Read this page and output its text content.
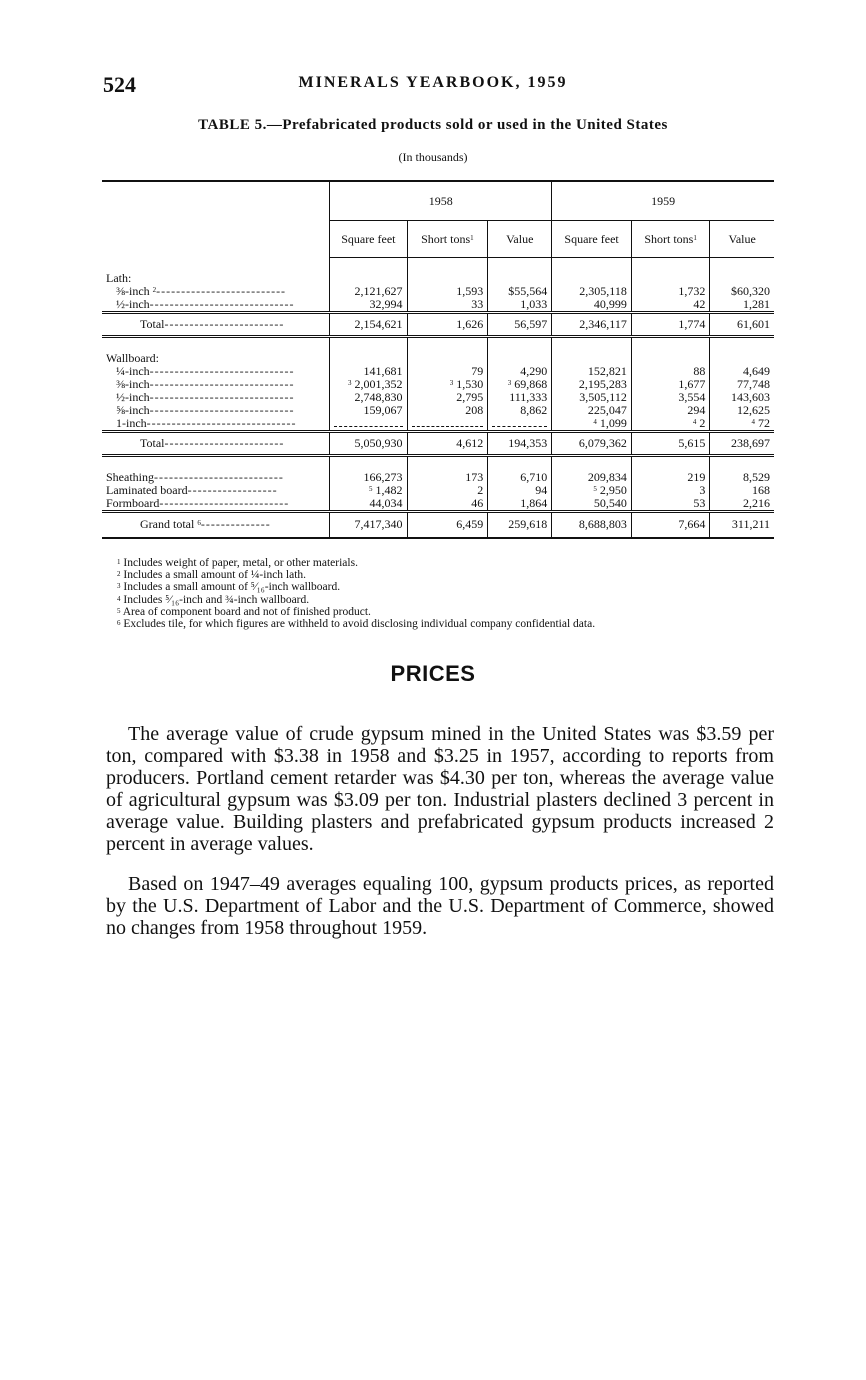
524	MINERALS YEARBOOK, 1959
TABLE 5.—Prefabricated products sold or used in the United States
(In thousands)
	1958			1959		
	Square feet	Short tons$^1$	Value	Square feet	Short tons$^1$	Value

Lath:						
⅜-inch $^2$--------------------------	2,121,627	1,593	$55,564	2,305,118	1,732	$60,320
½-inch-----------------------------	32,994	33	1,033	40,999	42	1,281
Total------------------------	2,154,621	1,626	56,597	2,346,117	1,774	61,601

Wallboard:						
¼-inch-----------------------------	141,681	79	4,290	152,821	88	4,649
⅜-inch-----------------------------	$^3$ 2,001,352	$^3$ 1,530	$^3$ 69,868	2,195,283	1,677	77,748
½-inch-----------------------------	2,748,830	2,795	111,333	3,505,112	3,554	143,603
⅝-inch-----------------------------	159,067	208	8,862	225,047	294	12,625
1-inch------------------------------				$^4$ 1,099	$^4$ 2	$^4$ 72
Total------------------------	5,050,930	4,612	194,353	6,079,362	5,615	238,697

Sheathing--------------------------	166,273	173	6,710	209,834	219	8,529
Laminated board------------------	$^5$ 1,482	2	94	$^5$ 2,950	3	168
Formboard--------------------------	44,034	46	1,864	50,540	53	2,216
Grand total $^6$--------------	7,417,340	6,459	259,618	8,688,803	7,664	311,211
$^1$ Includes weight of paper, metal, or other materials.
$^2$ Includes a small amount of ¼-inch lath.
$^3$ Includes a small amount of ⁵⁄₁₆-inch wallboard.
$^4$ Includes ⁵⁄₁₆-inch and ¾-inch wallboard.
$^5$ Area of component board and not of finished product.
$^6$ Excludes tile, for which figures are withheld to avoid disclosing individual company confidential data.
PRICES

The average value of crude gypsum mined in the United States was $3.59 per ton, compared with $3.38 in 1958 and $3.25 in 1957, according to reports from producers. Portland cement retarder was $4.30 per ton, whereas the average value of agricultural gypsum was $3.09 per ton. Industrial plasters declined 3 percent in average value. Building plasters and prefabricated gypsum products increased 2 percent in average values.

Based on 1947–49 averages equaling 100, gypsum products prices, as reported by the U.S. Department of Labor and the U.S. Department of Commerce, showed no changes from 1958 throughout 1959.
